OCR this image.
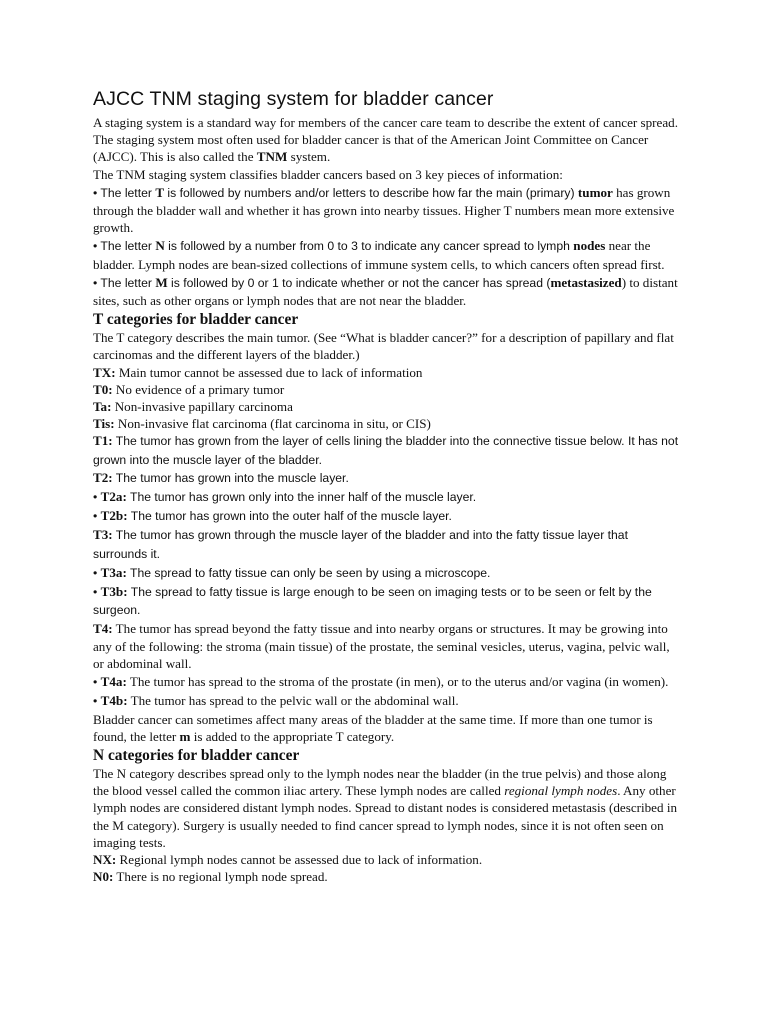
AJCC TNM staging system for bladder cancer

A staging system is a standard way for members of the cancer care team to describe the extent of cancer spread. The staging system most often used for bladder cancer is that of the American Joint Committee on Cancer (AJCC). This is also called the TNM system.

The TNM staging system classifies bladder cancers based on 3 key pieces of information:

• The letter T is followed by numbers and/or letters to describe how far the main (primary) tumor has grown through the bladder wall and whether it has grown into nearby tissues. Higher T numbers mean more extensive growth.

• The letter N is followed by a number from 0 to 3 to indicate any cancer spread to lymph nodes near the bladder. Lymph nodes are bean-sized collections of immune system cells, to which cancers often spread first.

• The letter M is followed by 0 or 1 to indicate whether or not the cancer has spread (metastasized) to distant sites, such as other organs or lymph nodes that are not near the bladder.

T categories for bladder cancer

The T category describes the main tumor. (See “What is bladder cancer?” for a description of papillary and flat carcinomas and the different layers of the bladder.)

TX: Main tumor cannot be assessed due to lack of information

T0: No evidence of a primary tumor

Ta: Non-invasive papillary carcinoma

Tis: Non-invasive flat carcinoma (flat carcinoma in situ, or CIS)

T1: The tumor has grown from the layer of cells lining the bladder into the connective tissue below. It has not grown into the muscle layer of the bladder.

T2: The tumor has grown into the muscle layer.

• T2a: The tumor has grown only into the inner half of the muscle layer.

• T2b: The tumor has grown into the outer half of the muscle layer.

T3: The tumor has grown through the muscle layer of the bladder and into the fatty tissue layer that surrounds it.

• T3a: The spread to fatty tissue can only be seen by using a microscope.

• T3b: The spread to fatty tissue is large enough to be seen on imaging tests or to be seen or felt by the surgeon.

T4: The tumor has spread beyond the fatty tissue and into nearby organs or structures. It may be growing into any of the following: the stroma (main tissue) of the prostate, the seminal vesicles, uterus, vagina, pelvic wall, or abdominal wall.

• T4a: The tumor has spread to the stroma of the prostate (in men), or to the uterus and/or vagina (in women).

• T4b: The tumor has spread to the pelvic wall or the abdominal wall.

Bladder cancer can sometimes affect many areas of the bladder at the same time. If more than one tumor is found, the letter m is added to the appropriate T category.

N categories for bladder cancer

The N category describes spread only to the lymph nodes near the bladder (in the true pelvis) and those along the blood vessel called the common iliac artery. These lymph nodes are called regional lymph nodes. Any other lymph nodes are considered distant lymph nodes. Spread to distant nodes is considered metastasis (described in the M category). Surgery is usually needed to find cancer spread to lymph nodes, since it is not often seen on imaging tests.

NX: Regional lymph nodes cannot be assessed due to lack of information.

N0: There is no regional lymph node spread.
